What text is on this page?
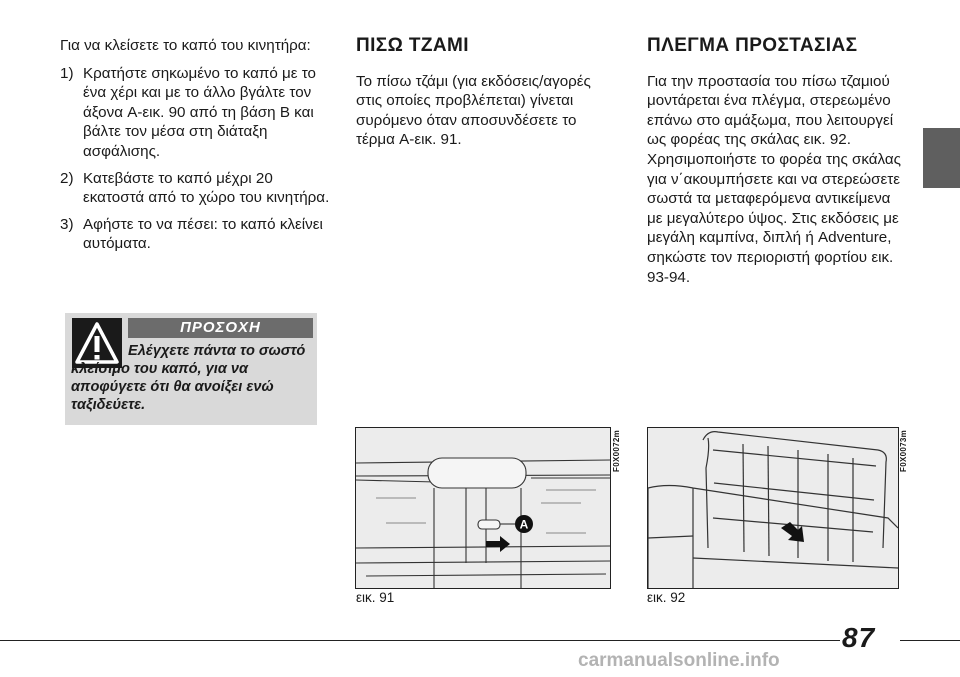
Για να κλείσετε το καπό του κινητήρα:

1) Κρατήστε σηκωμένο το καπό με το ένα χέρι και με το άλλο βγάλτε τον άξονα A-εικ. 90 από τη βάση B και βάλτε τον μέσα στη διάταξη ασφάλισης.
2) Κατεβάστε το καπό μέχρι 20 εκατοστά από το χώρο του κινητήρα.
3) Αφήστε το να πέσει: το καπό κλείνει αυτόματα.
ΠΡΟΣΟΧΗ
Ελέγχετε πάντα το σωστό κλείσιμο του καπό, για να αποφύγετε ότι θα ανοίξει ενώ ταξιδεύετε.
ΠΙΣΩ ΤΖΑΜΙ

Το πίσω τζάμι (για εκδόσεις/αγορές στις οποίες προβλέπεται) γίνεται συρόμενο όταν αποσυνδέσετε το τέρμα A-εικ. 91.

ΠΛΕΓΜΑ ΠΡΟΣΤΑΣΙΑΣ

Για την προστασία του πίσω τζαμιού μοντάρεται ένα πλέγμα, στερεωμένο επάνω στο αμάξωμα, που λειτουργεί ως φορέας της σκάλας εικ. 92. Χρησιμοποιήστε το φορέα της σκάλας για ν΄ακουμπήσετε και να στερεώσετε σωστά τα μεταφερόμενα αντικείμενα με μεγαλύτερο ύψος. Στις εκδόσεις με μεγάλη καμπίνα, διπλή ή Adventure, σηκώστε τον περιοριστή φορτίου εικ. 93-94.

A
F0X0072m
εικ. 91
F0X0073m
εικ. 92
87
carmanualsonline.info
